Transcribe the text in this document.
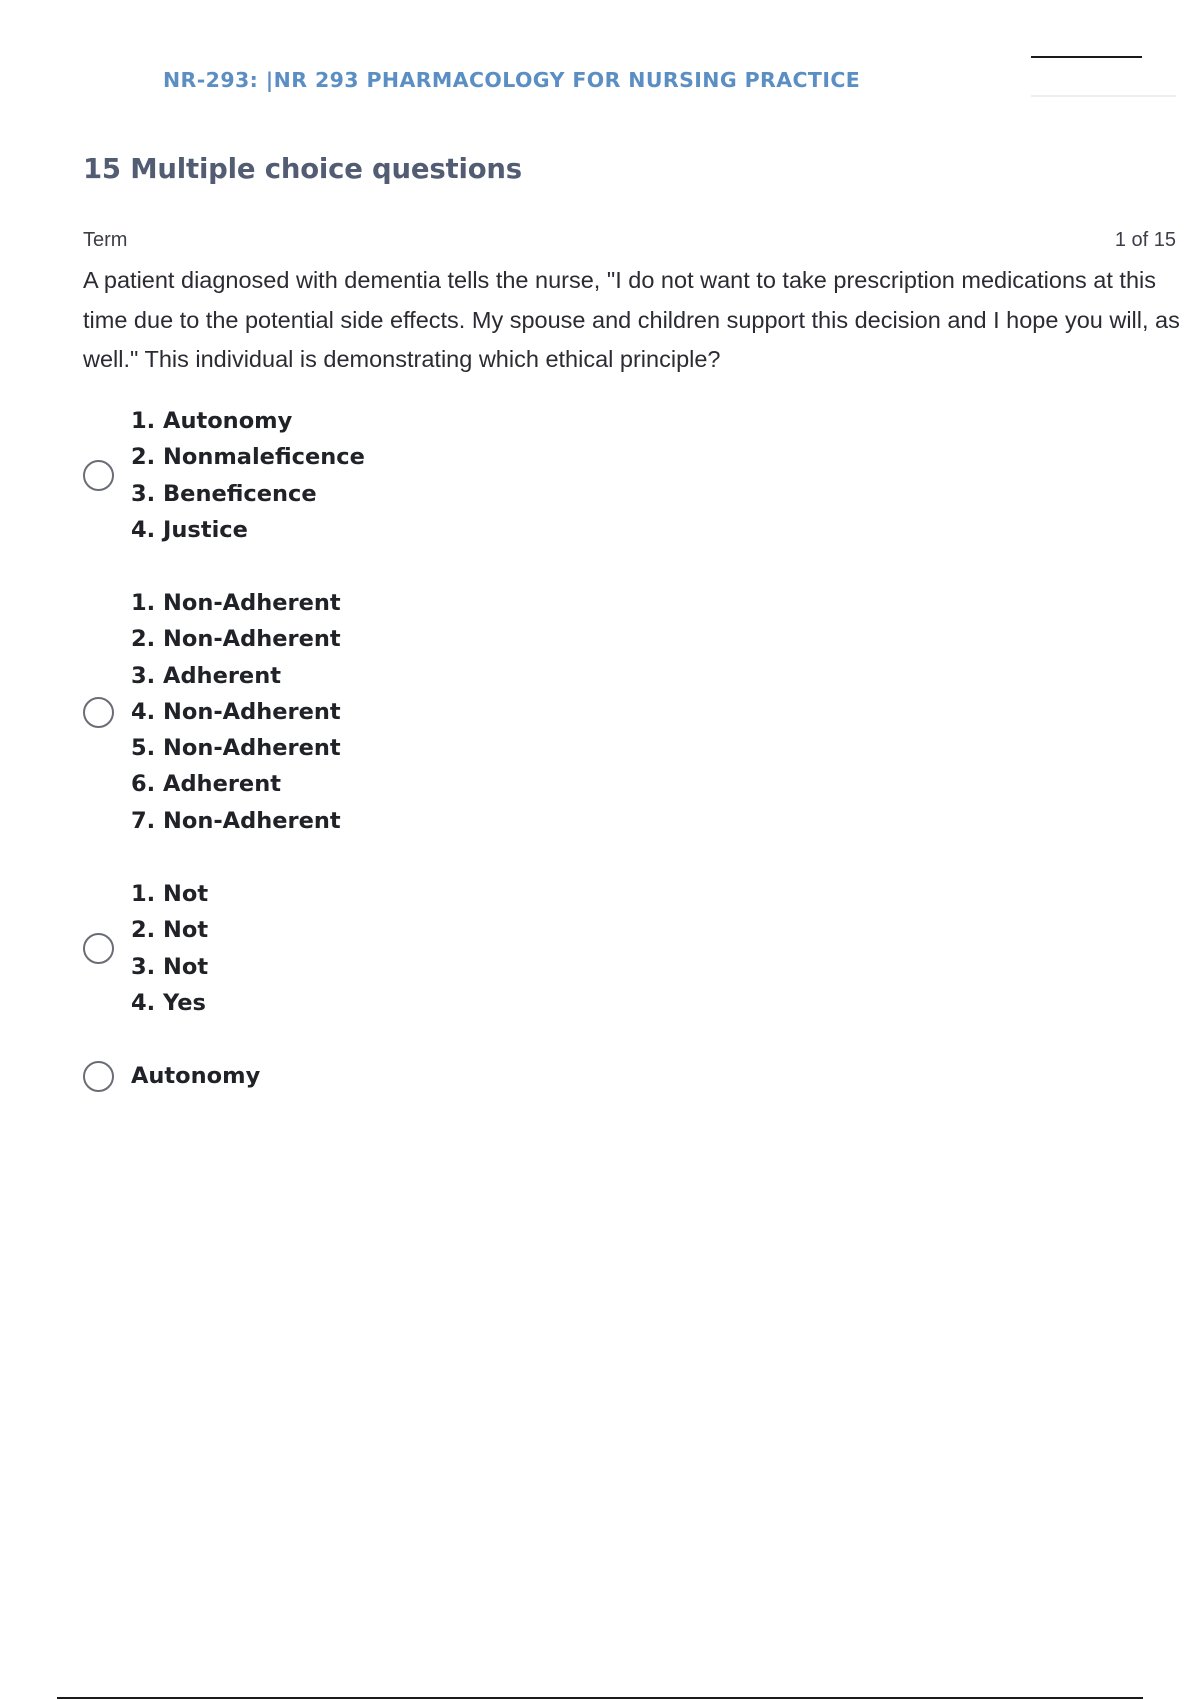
NR-293: |NR 293 PHARMACOLOGY FOR NURSING PRACTICE
15 Multiple choice questions
Term	1 of 15
A patient diagnosed with dementia tells the nurse, "I do not want to take prescription medications at this time due to the potential side effects. My spouse and children support this decision and I hope you will, as well." This individual is demonstrating which ethical principle?
1. Autonomy
2. Nonmaleficence
3. Beneficence
4. Justice
1. Non-Adherent
2. Non-Adherent
3. Adherent
4. Non-Adherent
5. Non-Adherent
6. Adherent
7. Non-Adherent
1. Not
2. Not
3. Not
4. Yes
Autonomy
